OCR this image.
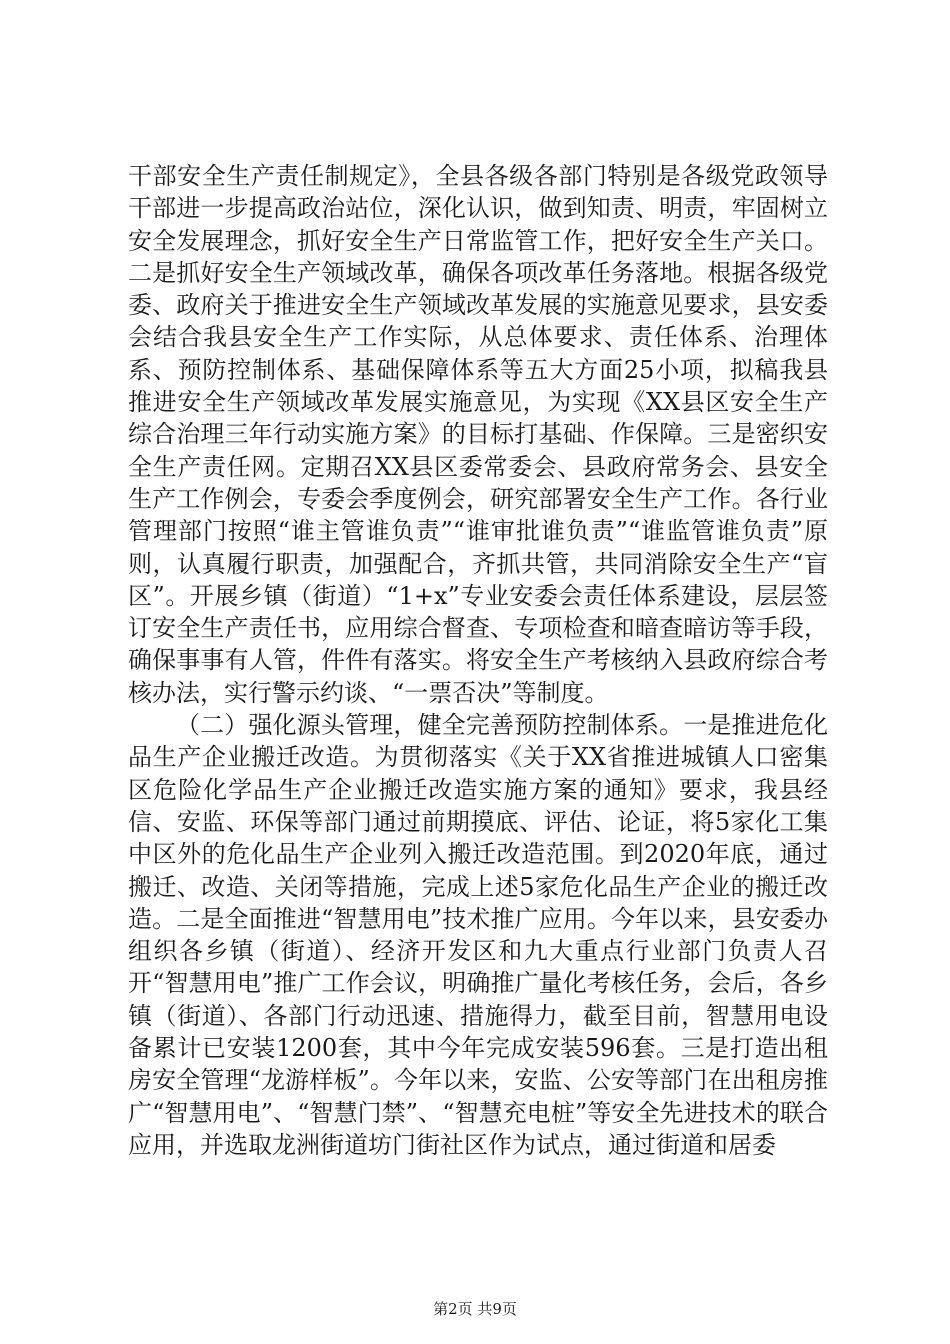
干部安全生产责任制规定》，全县各级各部门特别是各级党政领导干部进一步提高政治站位，深化认识，做到知责、明责，牢固树立安全发展理念，抓好安全生产日常监管工作，把好安全生产关口。二是抓好安全生产领域改革，确保各项改革任务落地。根据各级党委、政府关于推进安全生产领域改革发展的实施意见要求，县安委会结合我县安全生产工作实际，从总体要求、责任体系、治理体系、预防控制体系、基础保障体系等五大方面25小项，拟稿我县推进安全生产领域改革发展实施意见，为实现《XX县区安全生产综合治理三年行动实施方案》的目标打基础、作保障。三是密织安全生产责任网。定期召XX县区委常委会、县政府常务会、县安全生产工作例会，专委会季度例会，研究部署安全生产工作。各行业管理部门按照“谁主管谁负责”“谁审批谁负责”“谁监管谁负责”原则，认真履行职责，加强配合，齐抓共管，共同消除安全生产“盲区”。开展乡镇（街道）“1+x”专业安委会责任体系建设，层层签订安全生产责任书，应用综合督查、专项检查和暗查暗访等手段，确保事事有人管，件件有落实。将安全生产考核纳入县政府综合考核办法，实行警示约谈、“一票否决”等制度。

（二）强化源头管理，健全完善预防控制体系。一是推进危化品生产企业搬迁改造。为贯彻落实《关于XX省推进城镇人口密集区危险化学品生产企业搬迁改造实施方案的通知》要求，我县经信、安监、环保等部门通过前期摸底、评估、论证，将5家化工集中区外的危化品生产企业列入搬迁改造范围。到2020年底，通过搬迁、改造、关闭等措施，完成上述5家危化品生产企业的搬迁改造。二是全面推进“智慧用电”技术推广应用。今年以来，县安委办组织各乡镇（街道）、经济开发区和九大重点行业部门负责人召开“智慧用电”推广工作会议，明确推广量化考核任务，会后，各乡镇（街道）、各部门行动迅速、措施得力，截至目前，智慧用电设备累计已安装1200套，其中今年完成安装596套。三是打造出租房安全管理“龙游样板”。今年以来，安监、公安等部门在出租房推广“智慧用电”、“智慧门禁”、“智慧充电桩”等安全先进技术的联合应用，并选取龙洲街道坊门街社区作为试点，通过街道和居委

第2页 共9页
